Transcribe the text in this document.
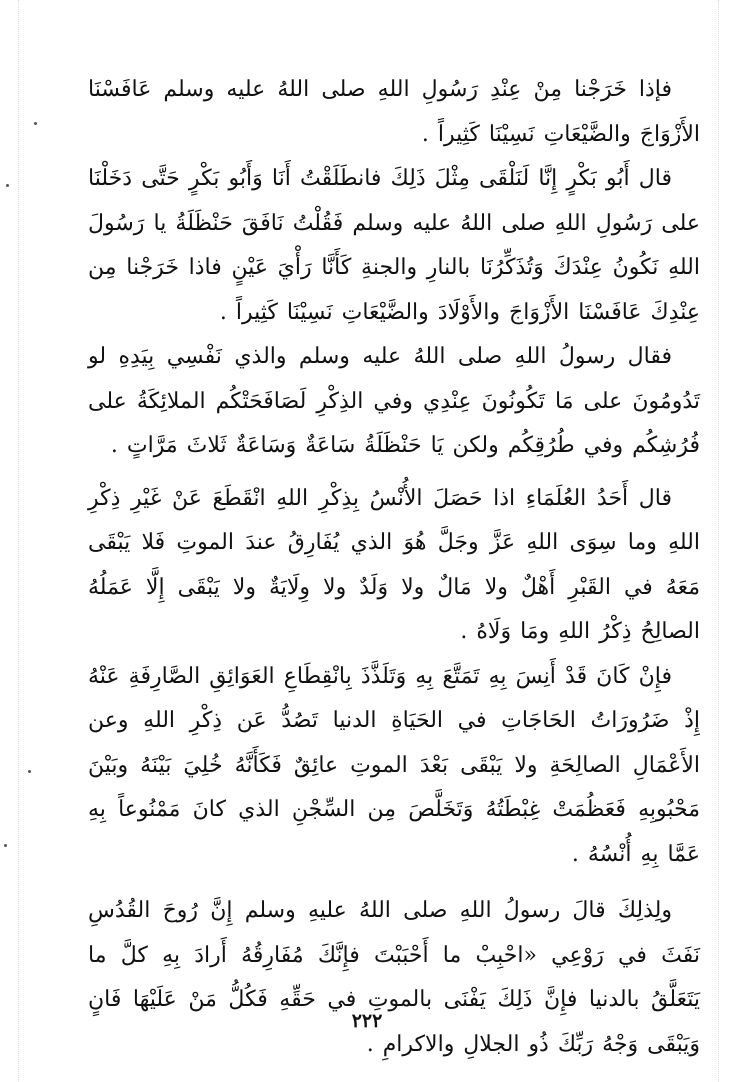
فإذا خَرَجْنا مِنْ عِنْدِ رَسُولِ اللهِ صلى اللهُ عليه وسلم عَافَسْنَا الأَزْوَاجَ والضَّيْعَاتِ نَسِيْنَا كَثِيراً .

قال أَبُو بَكْرٍ إِنَّا لَنَلْقَى مِثْلَ ذَلِكَ فانطَلَقْتُ أَنَا وَأَبُو بَكْرٍ حَتَّى دَخَلْنَا على رَسُولِ اللهِ صلى اللهُ عليه وسلم فَقُلْتُ نَافَقَ حَنْظَلَةُ يا رَسُولَ اللهِ نَكُونُ عِنْدَكَ وَتُذَكِّرُنَا بالنارِ والجنةِ كَأَنَّا رَأْيَ عَيْنٍ فاذا خَرَجْنا مِن عِنْدِكَ عَافَسْنَا الأَزْوَاجَ والأَوْلَادَ والضَّيْعَاتِ نَسِيْنَا كَثِيراً .

فقال رسولُ اللهِ صلى اللهُ عليه وسلم والذي نَفْسِي بِيَدِهِ لو تَدُومُونَ على مَا تَكُونُونَ عِنْدِي وفي الذِكْرِ لَصَافَحَتْكُم الملائِكَةُ على فُرُشِكُم وفي طُرُقِكُم ولكن يَا حَنْظَلَةُ سَاعَةٌ وَسَاعَةٌ ثَلاثَ مَرَّاتٍ .

قال أَحَدُ العُلَمَاءِ اذا حَصَلَ الأُنْسُ بِذِكْرِ اللهِ انْقَطَعَ عَنْ غَيْرِ ذِكْرِ اللهِ وما سِوَى اللهِ عَزَّ وجَلَّ هُوَ الذي يُفَارِقُ عندَ الموتِ فَلا يَبْقَى مَعَهُ في القَبْرِ أَهْلٌ ولا مَالٌ ولا وَلَدٌ ولا وِلَايَةٌ ولا يَبْقَى إِلَّا عَمَلُهُ الصالِحُ ذِكْرُ اللهِ ومَا وَلَاهُ .

فإِنْ كَانَ قَدْ أَنِسَ بِهِ تَمَتَّعَ بِهِ وَتَلَذَّذَ بِانْقِطَاعِ العَوَائِقِ الصَّارِفَةِ عَنْهُ إِذْ ضَرُورَاتُ الحَاجَاتِ في الحَيَاةِ الدنيا تَصُدُّ عَن ذِكْرِ اللهِ وعن الأَعْمَالِ الصالِحَةِ ولا يَبْقَى بَعْدَ الموتِ عائِقٌ فَكَأَنَّهُ خُلِيَ بَيْنَهُ وبَيْنَ مَحْبُوبِهِ فَعَظُمَتْ غِبْطَتُهُ وَتَخَلَّصَ مِن السِّجْنِ الذي كانَ مَمْنُوعاً بِهِ عَمَّا بِهِ أُنْسُهُ .

ولِذلِكَ قالَ رسولُ اللهِ صلى اللهُ عليهِ وسلم إِنَّ رُوحَ القُدُسِ نَفَثَ في رَوْعِي «احْبِبْ ما أَحْبَبْتَ فإِنَّكَ مُفَارِقُهُ أَرادَ بِهِ كلَّ ما يَتَعَلَّقُ بالدنيا فإِنَّ ذَلِكَ يَفْنَى بالموتِ في حَقِّهِ فَكُلُّ مَنْ عَلَيْهَا فَانٍ وَيَبْقَى وَجْهُ رَبِّكَ ذُو الجلالِ والاكرامِ .

٢٢٢
